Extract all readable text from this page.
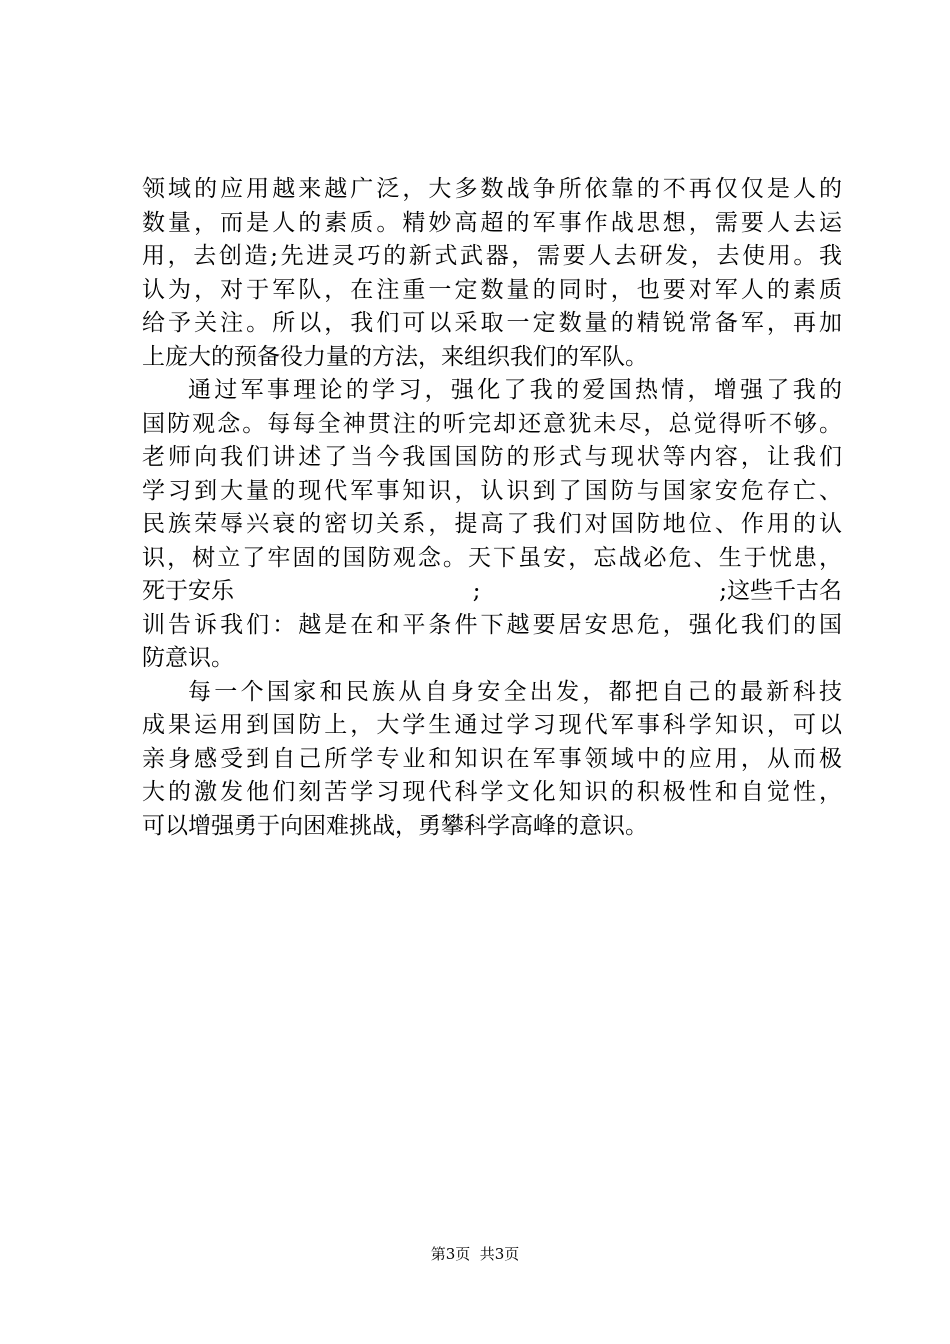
领域的应用越来越广泛，大多数战争所依靠的不再仅仅是人的
数量，而是人的素质。精妙高超的军事作战思想，需要人去运
用，去创造;先进灵巧的新式武器，需要人去研发，去使用。我
认为，对于军队，在注重一定数量的同时，也要对军人的素质
给予关注。所以，我们可以采取一定数量的精锐常备军，再加
上庞大的预备役力量的方法，来组织我们的军队。
通过军事理论的学习，强化了我的爱国热情，增强了我的
国防观念。每每全神贯注的听完却还意犹未尽，总觉得听不够。
老师向我们讲述了当今我国国防的形式与现状等内容，让我们
学习到大量的现代军事知识，认识到了国防与国家安危存亡、
民族荣辱兴衰的密切关系，提高了我们对国防地位、作用的认
识，树立了牢固的国防观念。天下虽安，忘战必危、生于忧患，
死于安乐	;	;这些千古名
训告诉我们：越是在和平条件下越要居安思危，强化我们的国
防意识。
每一个国家和民族从自身安全出发，都把自己的最新科技
成果运用到国防上，大学生通过学习现代军事科学知识，可以
亲身感受到自己所学专业和知识在军事领域中的应用，从而极
大的激发他们刻苦学习现代科学文化知识的积极性和自觉性，
可以增强勇于向困难挑战，勇攀科学高峰的意识。
第3页  共3页
